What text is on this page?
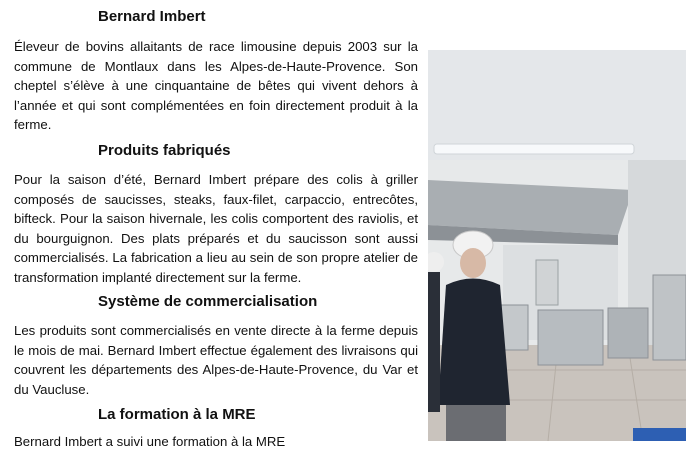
Bernard Imbert

Éleveur de bovins allaitants de race limousine depuis 2003 sur la commune de Montlaux dans les Alpes-de-Haute-Provence. Son cheptel s’élève à une cinquantaine de bêtes qui vivent dehors à l’année et qui sont complémentées en foin directement produit à la ferme.

Produits fabriqués

Pour la saison d’été, Bernard Imbert prépare des colis à griller composés de saucisses, steaks, faux-filet, carpaccio, entrecôtes, bifteck. Pour la saison hivernale, les colis comportent des raviolis, et du bourguignon. Des plats préparés et du saucisson sont aussi commercialisés. La fabrication a lieu au sein de son propre atelier de transformation implanté directement sur la ferme.

Système de commercialisation

Les produits sont commercialisés en vente directe à la ferme depuis le mois de mai. Bernard Imbert effectue également des livraisons qui couvrent les départements des Alpes-de-Haute-Provence, du Var et du Vaucluse.

La formation à la MRE

Bernard Imbert a suivi une formation à la MRE
